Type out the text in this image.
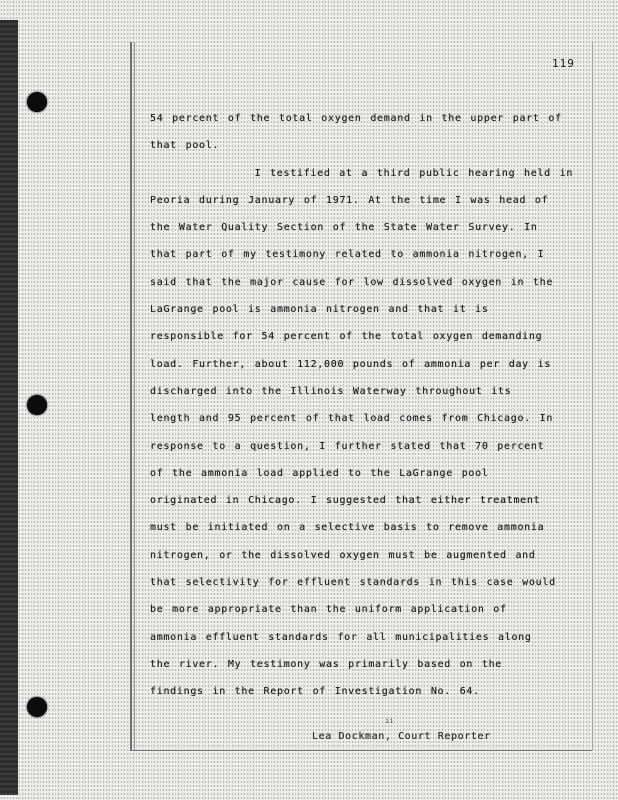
119
54 percent of the total oxygen demand in the upper part of
that pool.
I testified at a third public hearing held in
Peoria during January of 1971. At the time I was head of
the Water Quality Section of the State Water Survey. In
that part of my testimony related to ammonia nitrogen, I
said that the major cause for low dissolved oxygen in the
LaGrange pool is ammonia nitrogen and that it is
responsible for 54 percent of the total oxygen demanding
load. Further, about 112,000 pounds of ammonia per day is
discharged into the Illinois Waterway throughout its
length and 95 percent of that load comes from Chicago. In
response to a question, I further stated that 70 percent
of the ammonia load applied to the LaGrange pool
originated in Chicago. I suggested that either treatment
must be initiated on a selective basis to remove ammonia
nitrogen, or the dissolved oxygen must be augmented and
that selectivity for effluent standards in this case would
be more appropriate than the uniform application of
ammonia effluent standards for all municipalities along
the river. My testimony was primarily based on the
findings in the Report of Investigation No. 64.
ii
Lea Dockman, Court Reporter
